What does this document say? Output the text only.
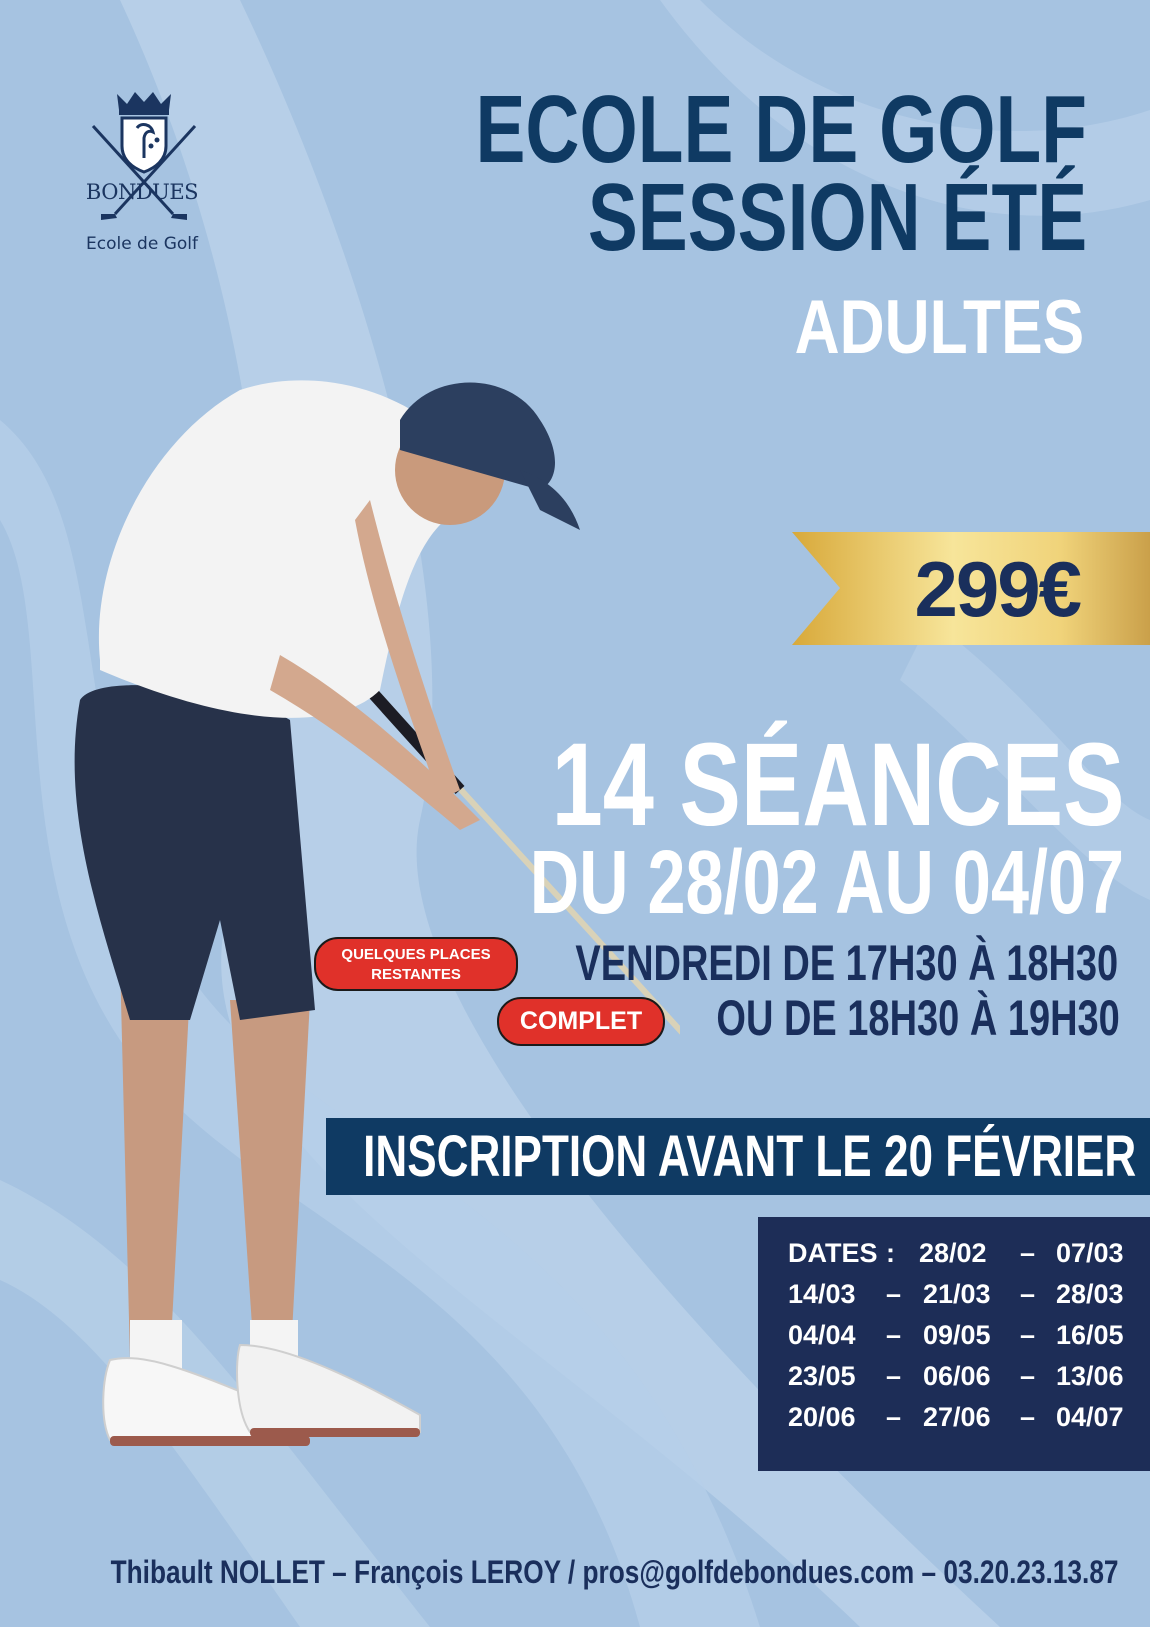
BONDUES
Ecole de Golf
ECOLE DE GOLF
SESSION ÉTÉ
ADULTES
299€
14 SÉANCES
DU 28/02 AU 04/07
QUELQUES PLACES RESTANTES	VENDREDI DE 17H30 À 18H30
COMPLET	OU DE 18H30 À 19H30
INSCRIPTION AVANT LE 20 FÉVRIER
DATES : 28/02 – 07/03
14/03 – 21/03 – 28/03
04/04 – 09/05 – 16/05
23/05 – 06/06 – 13/06
20/06 – 27/06 – 04/07
Thibault NOLLET – François LEROY / pros@golfdebondues.com – 03.20.23.13.87
